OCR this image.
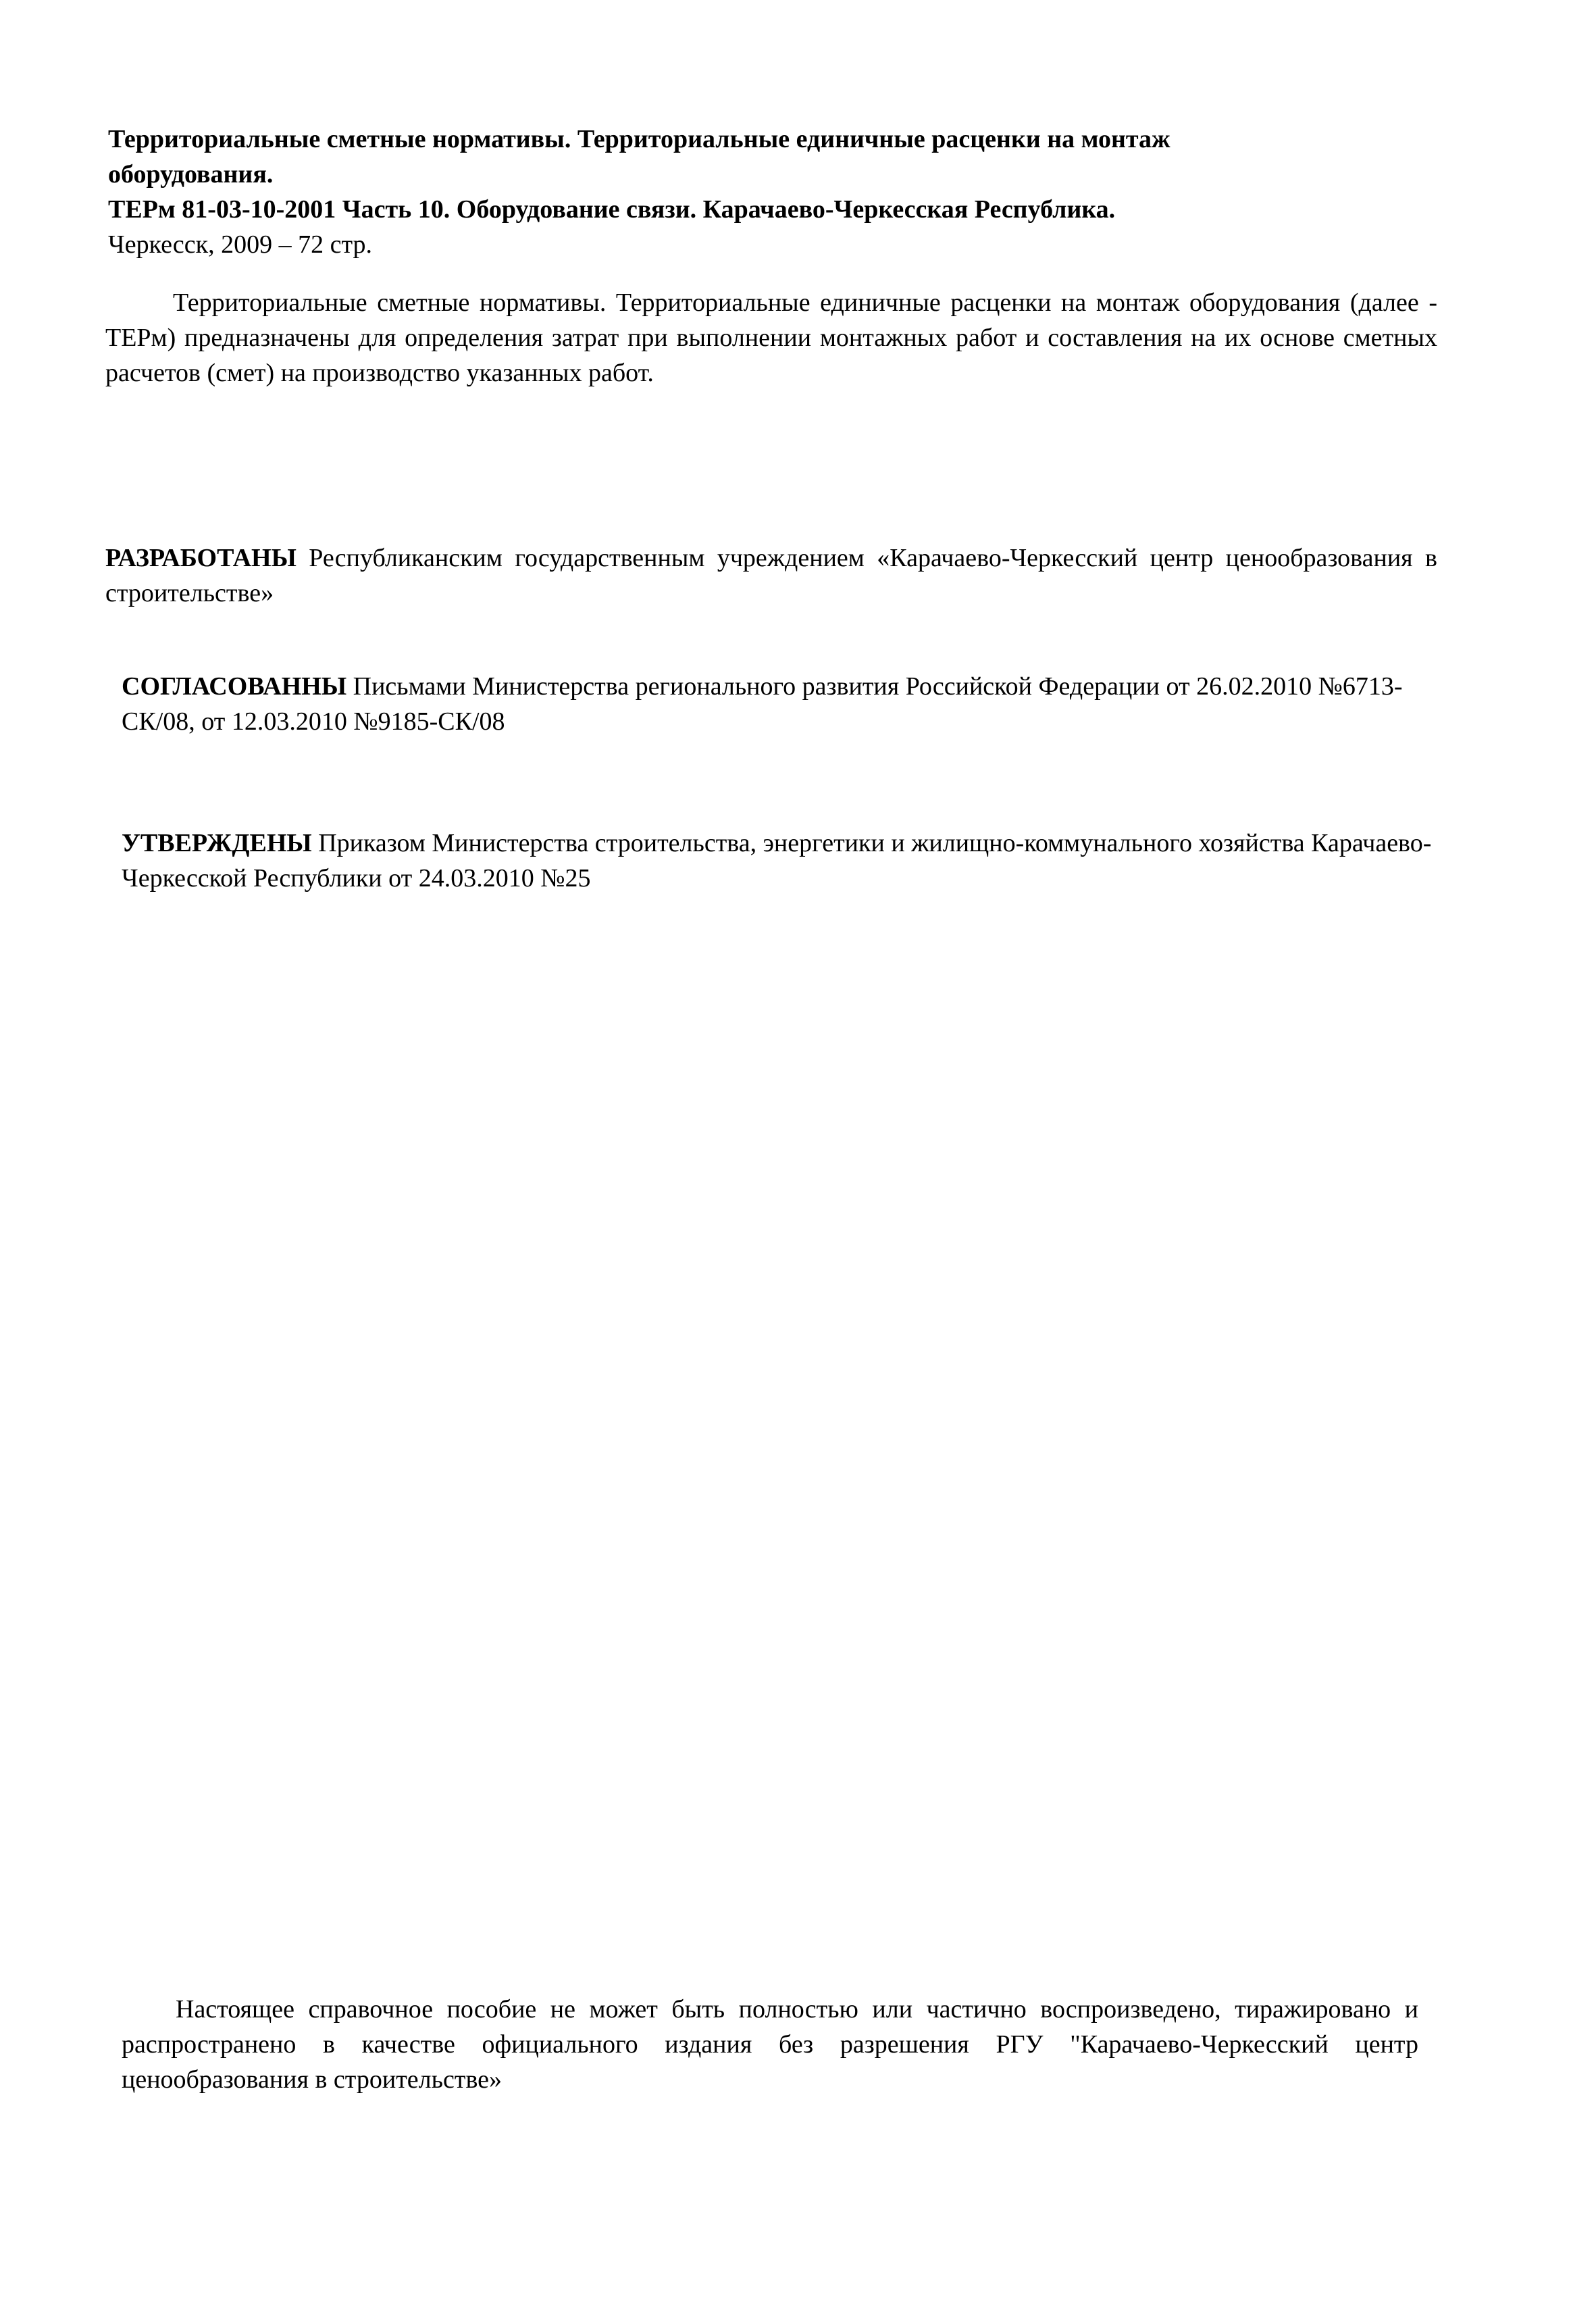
Территориальные сметные нормативы. Территориальные единичные расценки на монтаж
оборудования.
ТЕРм 81-03-10-2001 Часть 10. Оборудование связи. Карачаево-Черкесская Республика.
Черкесск, 2009 – 72 стр.
Территориальные сметные нормативы. Территориальные единичные расценки на монтаж оборудования (далее - ТЕРм) предназначены для определения затрат при выполнении монтажных работ и составления на их основе сметных расчетов (смет) на производство указанных работ.
РАЗРАБОТАНЫ Республиканским государственным учреждением «Карачаево-Черкесский центр ценообразования в строительстве»
СОГЛАСОВАННЫ Письмами Министерства регионального развития Российской Федерации от 26.02.2010 №6713-СК/08, от 12.03.2010 №9185-СК/08
УТВЕРЖДЕНЫ Приказом Министерства строительства, энергетики и жилищно-коммунального хозяйства Карачаево-Черкесской Республики от 24.03.2010 №25
Настоящее справочное пособие не может быть полностью или частично воспроизведено, тиражировано и распространено в качестве официального издания без разрешения РГУ "Карачаево-Черкесский центр ценообразования в строительстве»
